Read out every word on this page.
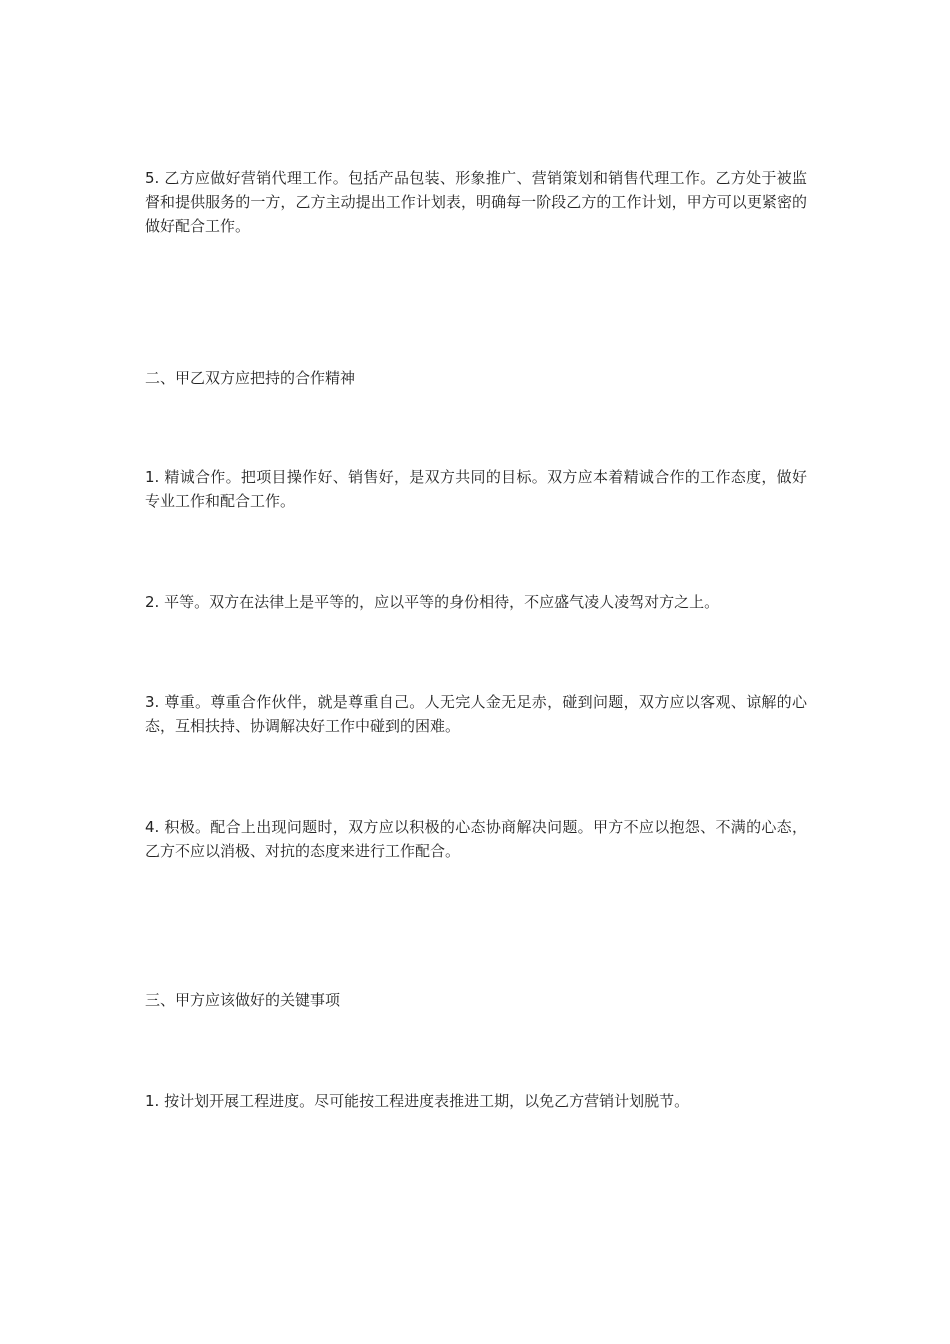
5. 乙方应做好营销代理工作。包括产品包装、形象推广、营销策划和销售代理工作。乙方处于被监督和提供服务的一方，乙方主动提出工作计划表，明确每一阶段乙方的工作计划，甲方可以更紧密的做好配合工作。

二、甲乙双方应把持的合作精神

1. 精诚合作。把项目操作好、销售好，是双方共同的目标。双方应本着精诚合作的工作态度，做好专业工作和配合工作。

2. 平等。双方在法律上是平等的，应以平等的身份相待，不应盛气凌人凌驾对方之上。

3. 尊重。尊重合作伙伴，就是尊重自己。人无完人金无足赤，碰到问题，双方应以客观、谅解的心态，互相扶持、协调解决好工作中碰到的困难。

4. 积极。配合上出现问题时，双方应以积极的心态协商解决问题。甲方不应以抱怨、不满的心态，乙方不应以消极、对抗的态度来进行工作配合。

三、甲方应该做好的关键事项

1. 按计划开展工程进度。尽可能按工程进度表推进工期，以免乙方营销计划脱节。
